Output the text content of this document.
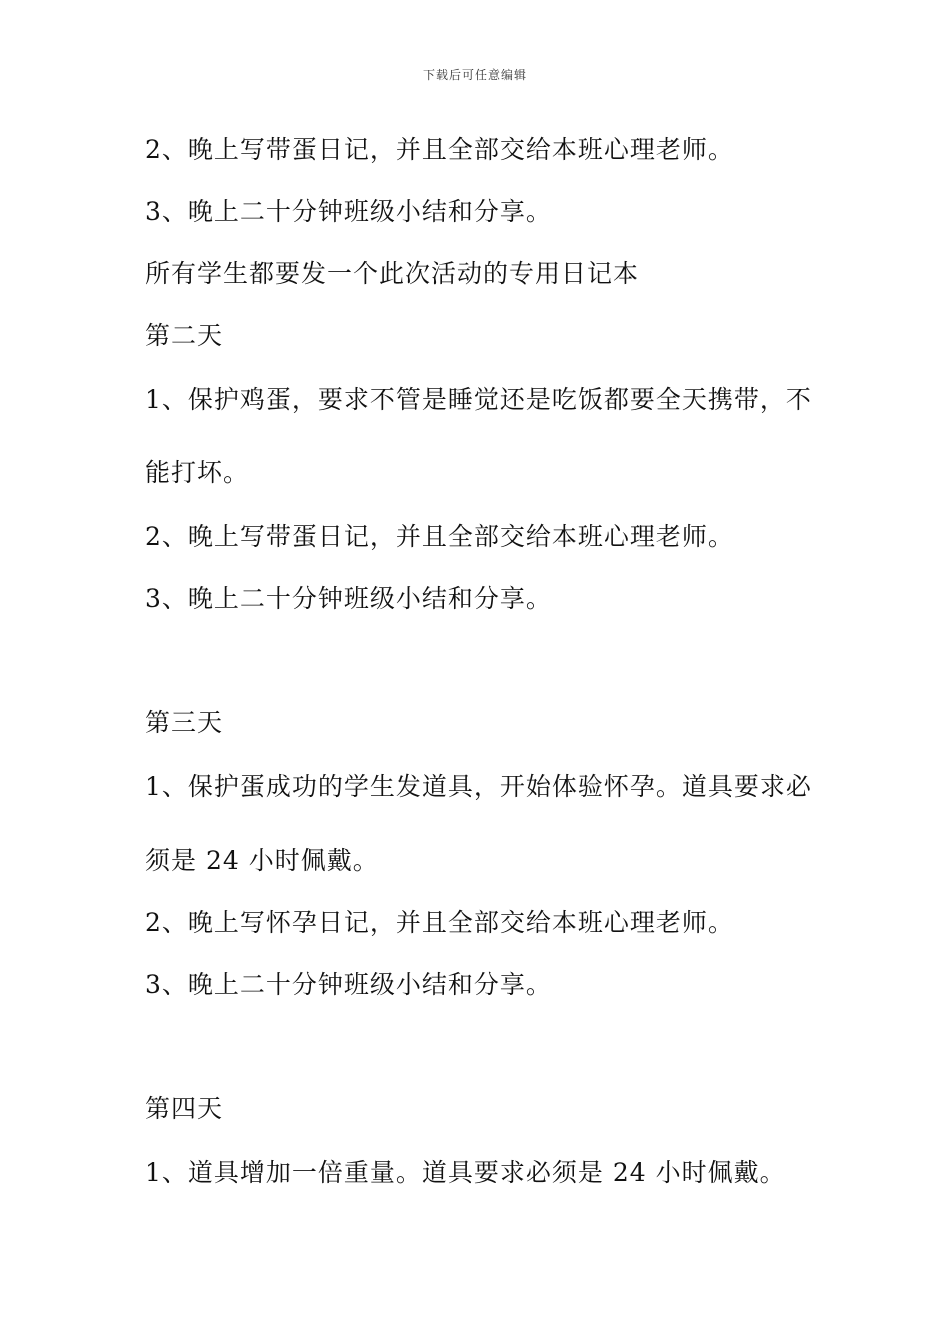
下载后可任意编辑
2、晚上写带蛋日记，并且全部交给本班心理老师。
3、晚上二十分钟班级小结和分享。
所有学生都要发一个此次活动的专用日记本
第二天
1、保护鸡蛋，要求不管是睡觉还是吃饭都要全天携带，不
能打坏。
2、晚上写带蛋日记，并且全部交给本班心理老师。
3、晚上二十分钟班级小结和分享。
第三天
1、保护蛋成功的学生发道具，开始体验怀孕。道具要求必
须是 24 小时佩戴。
2、晚上写怀孕日记，并且全部交给本班心理老师。
3、晚上二十分钟班级小结和分享。
第四天
1、道具增加一倍重量。道具要求必须是 24 小时佩戴。
